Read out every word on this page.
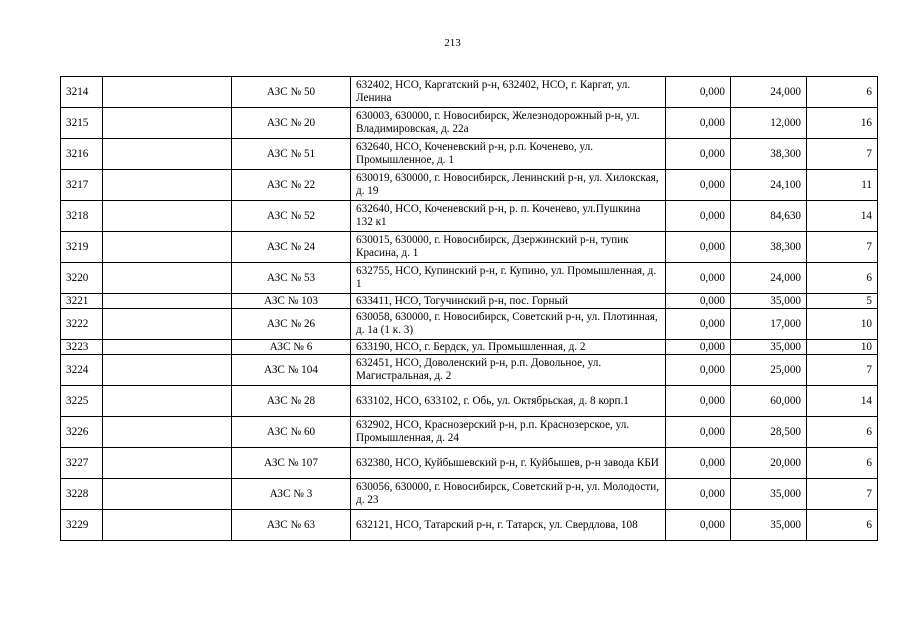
213
3214		АЗС № 50	632402, НСО, Каргатский р-н, 632402, НСО, г. Каргат, ул. Ленина	0,000	24,000	6
3215		АЗС № 20	630003, 630000, г. Новосибирск, Железнодорожный р-н, ул. Владимировская, д. 22а	0,000	12,000	16
3216		АЗС № 51	632640, НСО, Коченевский р-н, р.п. Коченево, ул. Промышленное, д. 1	0,000	38,300	7
3217		АЗС № 22	630019, 630000, г. Новосибирск, Ленинский р-н, ул. Хилокская, д. 19	0,000	24,100	11
3218		АЗС № 52	632640, НСО, Коченевский р-н, р. п. Коченево, ул.Пушкина 132 к1	0,000	84,630	14
3219		АЗС № 24	630015, 630000, г. Новосибирск, Дзержинский р-н, тупик Красина, д. 1	0,000	38,300	7
3220		АЗС № 53	632755, НСО, Купинский р-н, г. Купино, ул. Промышленная, д. 1	0,000	24,000	6
3221		АЗС № 103	633411, НСО, Тогучинский р-н, пос. Горный	0,000	35,000	5
3222		АЗС № 26	630058, 630000, г. Новосибирск, Советский р-н, ул. Плотинная, д. 1а (1 к. 3)	0,000	17,000	10
3223		АЗС № 6	633190, НСО, г. Бердск, ул. Промышленная, д. 2	0,000	35,000	10
3224		АЗС № 104	632451, НСО, Доволенский р-н, р.п. Довольное, ул. Магистральная, д. 2	0,000	25,000	7
3225		АЗС № 28	633102, НСО, 633102, г. Обь, ул. Октябрьская, д. 8 корп.1	0,000	60,000	14
3226		АЗС № 60	632902, НСО, Краснозерский р-н, р.п. Краснозерское, ул. Промышленная, д. 24	0,000	28,500	6
3227		АЗС № 107	632380, НСО, Куйбышевский р-н, г. Куйбышев, р-н завода КБИ	0,000	20,000	6
3228		АЗС № 3	630056, 630000, г. Новосибирск, Советский р-н, ул. Молодости, д. 23	0,000	35,000	7
3229		АЗС № 63	632121, НСО, Татарский р-н, г. Татарск, ул. Свердлова, 108	0,000	35,000	6
